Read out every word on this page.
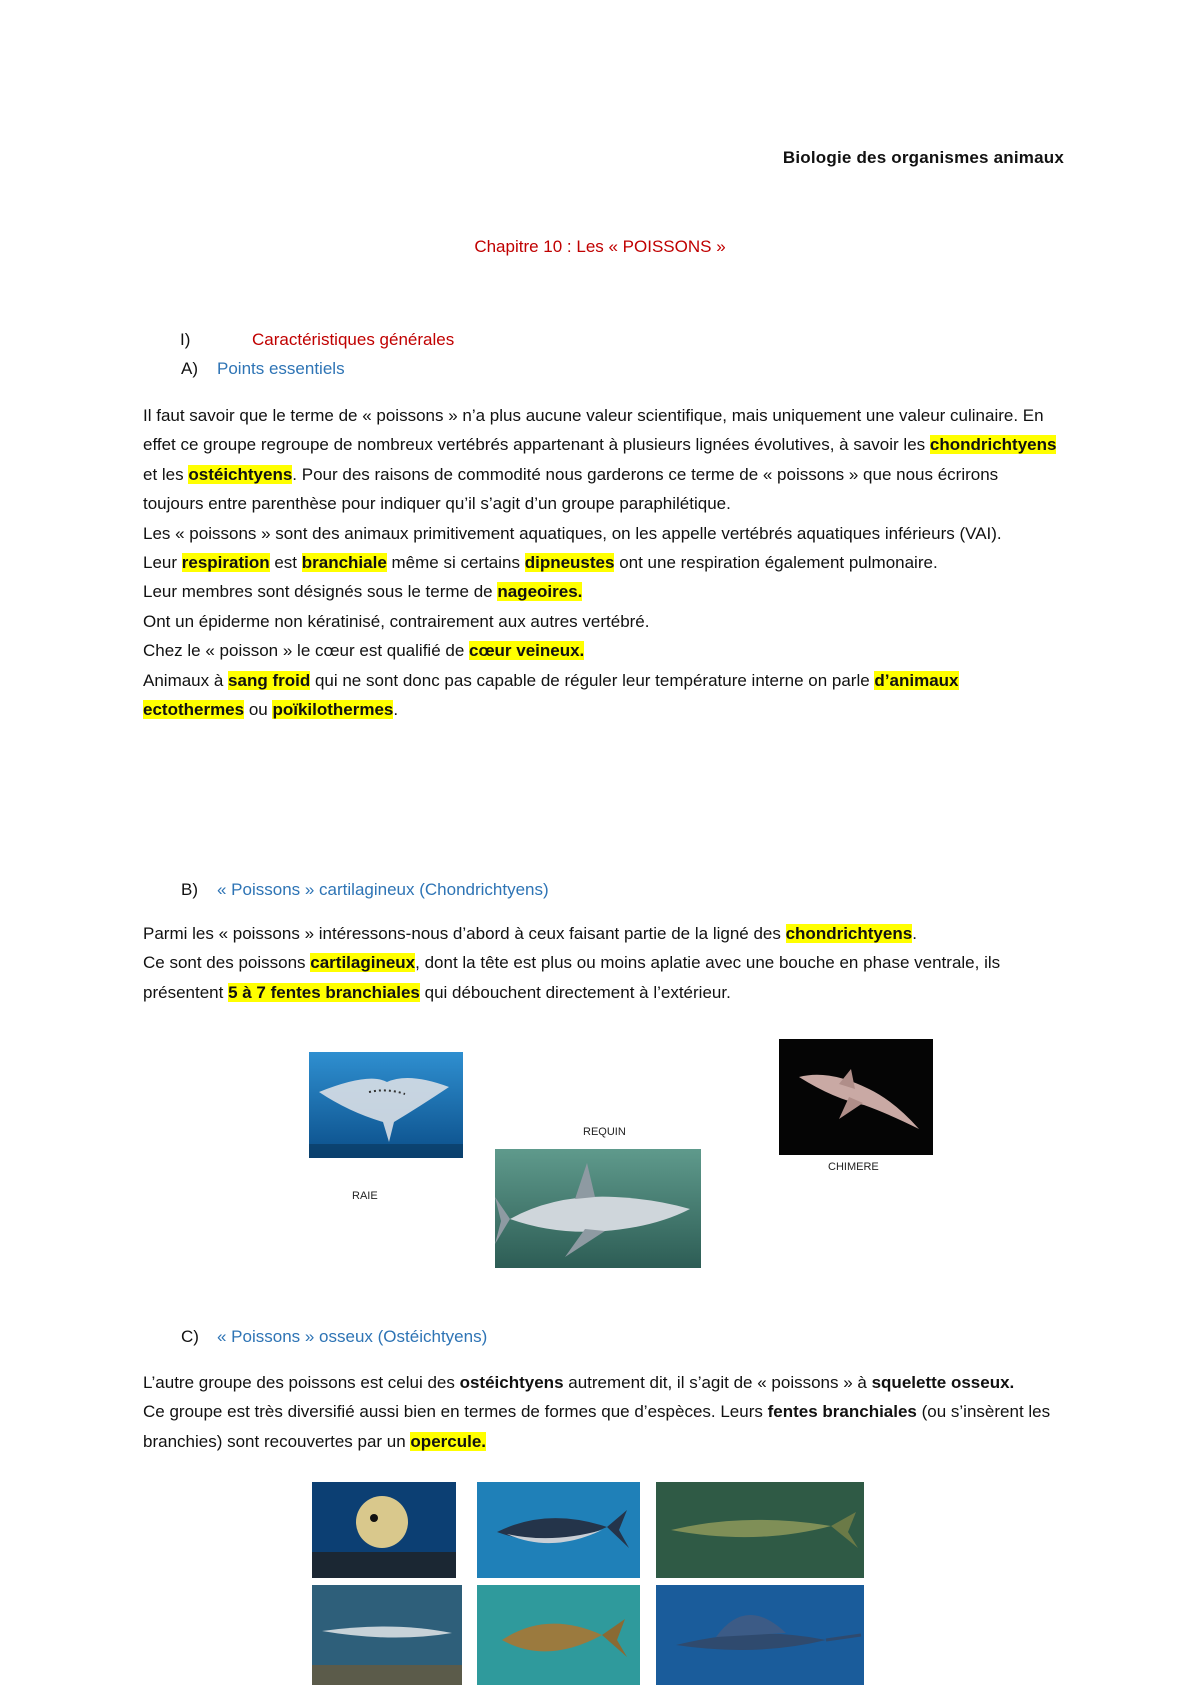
Biologie des organismes animaux
Chapitre 10 : Les « POISSONS »
I)	Caractéristiques générales
A) Points essentiels

Il faut savoir que le terme de « poissons » n’a plus aucune valeur scientifique, mais uniquement une valeur culinaire. En effet ce groupe regroupe de nombreux vertébrés appartenant à plusieurs lignées évolutives, à savoir les chondrichtyens et les ostéichtyens. Pour des raisons de commodité nous garderons ce terme de « poissons » que nous écrirons toujours entre parenthèse pour indiquer qu’il s’agit d’un groupe paraphilétique.

Les « poissons » sont des animaux primitivement aquatiques, on les appelle vertébrés aquatiques inférieurs (VAI).

Leur respiration est branchiale même si certains dipneustes ont une respiration également pulmonaire.

Leur membres sont désignés sous le terme de nageoires.

Ont un épiderme non kératinisé, contrairement aux autres vertébré.

Chez le « poisson » le cœur est qualifié de cœur veineux.

Animaux à sang froid qui ne sont donc pas capable de réguler leur température interne on parle d’animaux ectothermes ou poïkilothermes.

B) « Poissons » cartilagineux (Chondrichtyens)

Parmi les « poissons » intéressons-nous d’abord à ceux faisant partie de la ligné des chondrichtyens.

Ce sont des poissons cartilagineux, dont la tête est plus ou moins aplatie avec une bouche en phase ventrale, ils présentent 5 à 7 fentes branchiales qui débouchent directement à l’extérieur.

RAIE
REQUIN
CHIMERE
C) « Poissons » osseux (Ostéichtyens)

L’autre groupe des poissons est celui des ostéichtyens autrement dit, il s’agit de « poissons » à squelette osseux.

Ce groupe est très diversifié aussi bien en termes de formes que d’espèces. Leurs fentes branchiales (ou s’insèrent les branchies) sont recouvertes par un opercule.
